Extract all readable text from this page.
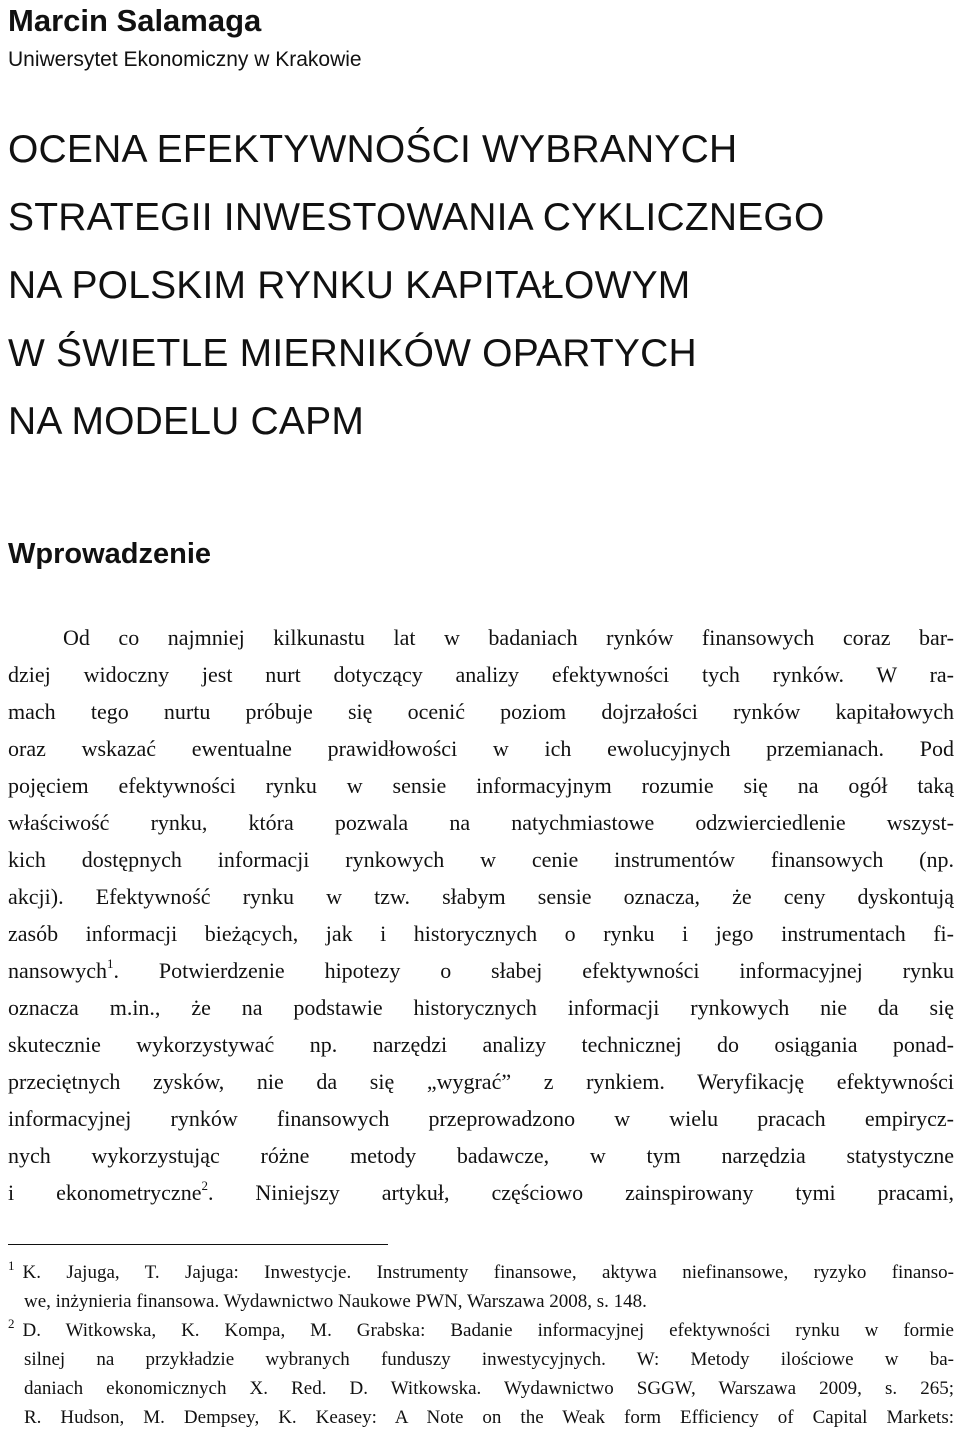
Marcin Salamaga
Uniwersytet Ekonomiczny w Krakowie
OCENA EFEKTYWNOŚCI WYBRANYCH
STRATEGII INWESTOWANIA CYKLICZNEGO
NA POLSKIM RYNKU KAPITAŁOWYM
W ŚWIETLE MIERNIKÓW OPARTYCH
NA MODELU CAPM
Wprowadzenie
Od co najmniej kilkunastu lat w badaniach rynków finansowych coraz bar-
dziej widoczny jest nurt dotyczący analizy efektywności tych rynków. W ra-
mach tego nurtu próbuje się ocenić poziom dojrzałości rynków kapitałowych
oraz wskazać ewentualne prawidłowości w ich ewolucyjnych przemianach. Pod
pojęciem efektywności rynku w sensie informacyjnym rozumie się na ogół taką
właściwość rynku, która pozwala na natychmiastowe odzwierciedlenie wszyst-
kich dostępnych informacji rynkowych w cenie instrumentów finansowych (np.
akcji). Efektywność rynku w tzw. słabym sensie oznacza, że ceny dyskontują
zasób informacji bieżących, jak i historycznych o rynku i jego instrumentach fi-
nansowych$^1$. Potwierdzenie hipotezy o słabej efektywności informacyjnej rynku
oznacza m.in., że na podstawie historycznych informacji rynkowych nie da się
skutecznie wykorzystywać np. narzędzi analizy technicznej do osiągania ponad-
przeciętnych zysków, nie da się „wygrać” z rynkiem. Weryfikację efektywności
informacyjnej rynków finansowych przeprowadzono w wielu pracach empirycz-
nych wykorzystując różne metody badawcze, w tym narzędzia statystyczne
i ekonometryczne$^2$. Niniejszy artykuł, częściowo zainspirowany tymi pracami,
$^1$ K. Jajuga, T. Jajuga: Inwestycje. Instrumenty finansowe, aktywa niefinansowe, ryzyko finanso-
we, inżynieria finansowa. Wydawnictwo Naukowe PWN, Warszawa 2008, s. 148.
$^2$ D. Witkowska, K. Kompa, M. Grabska: Badanie informacyjnej efektywności rynku w formie
silnej na przykładzie wybranych funduszy inwestycyjnych. W: Metody ilościowe w ba-
daniach ekonomicznych X. Red. D. Witkowska. Wydawnictwo SGGW, Warszawa 2009, s. 265;
R. Hudson, M. Dempsey, K. Keasey: A Note on the Weak form Efficiency of Capital Markets:
